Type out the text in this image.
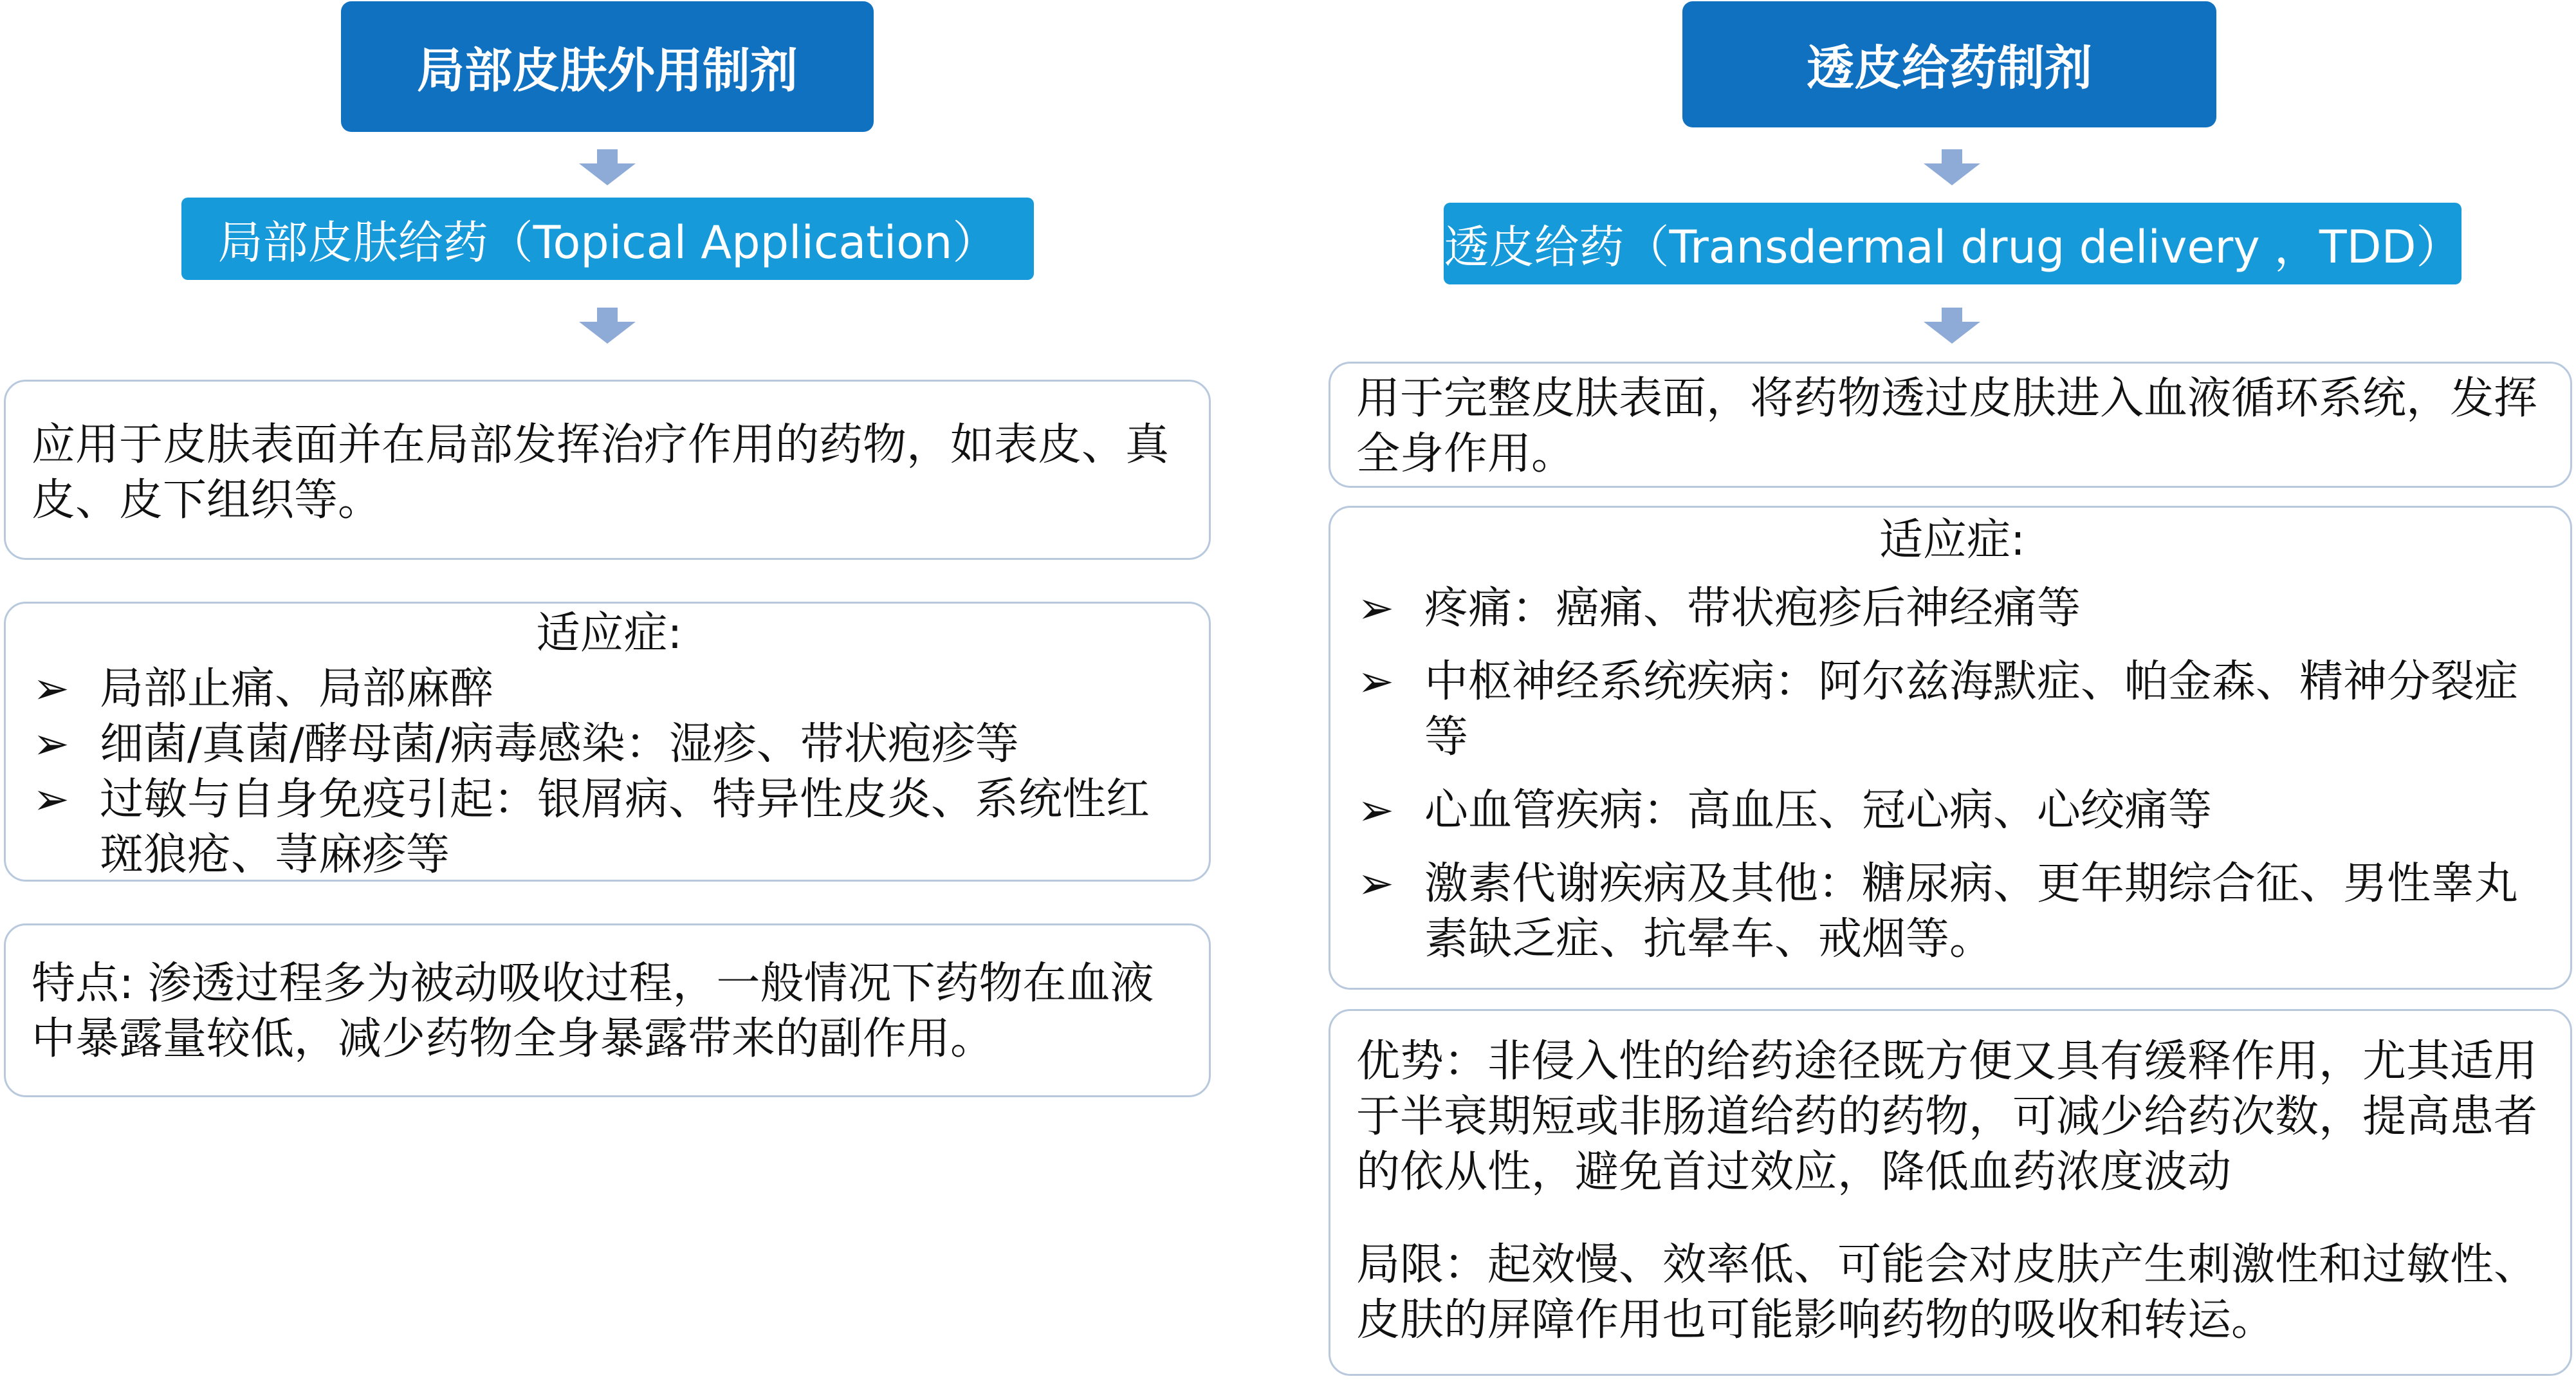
局部皮肤外用制剂
局部皮肤给药（Topical Application）

应用于皮肤表面并在局部发挥治疗作用的药物，如表皮、真皮、皮下组织等。

适应症:
➢ 局部止痛、局部麻醉
➢ 细菌/真菌/酵母菌/病毒感染：湿疹、带状疱疹等
➢ 过敏与自身免疫引起：银屑病、特异性皮炎、系统性红斑狼疮、荨麻疹等

特点: 渗透过程多为被动吸收过程，一般情况下药物在血液中暴露量较低，减少药物全身暴露带来的副作用。

透皮给药制剂
透皮给药（Transdermal drug delivery ，TDD）

用于完整皮肤表面，将药物透过皮肤进入血液循环系统，发挥全身作用。

适应症:
➢ 疼痛：癌痛、带状疱疹后神经痛等
➢ 中枢神经系统疾病：阿尔兹海默症、帕金森、精神分裂症等
➢ 心血管疾病：高血压、冠心病、心绞痛等
➢ 激素代谢疾病及其他：糖尿病、更年期综合征、男性睾丸素缺乏症、抗晕车、戒烟等。

优势：非侵入性的给药途径既方便又具有缓释作用，尤其适用于半衰期短或非肠道给药的药物，可减少给药次数，提高患者的依从性，避免首过效应，降低血药浓度波动

局限：起效慢、效率低、可能会对皮肤产生刺激性和过敏性、皮肤的屏障作用也可能影响药物的吸收和转运。
